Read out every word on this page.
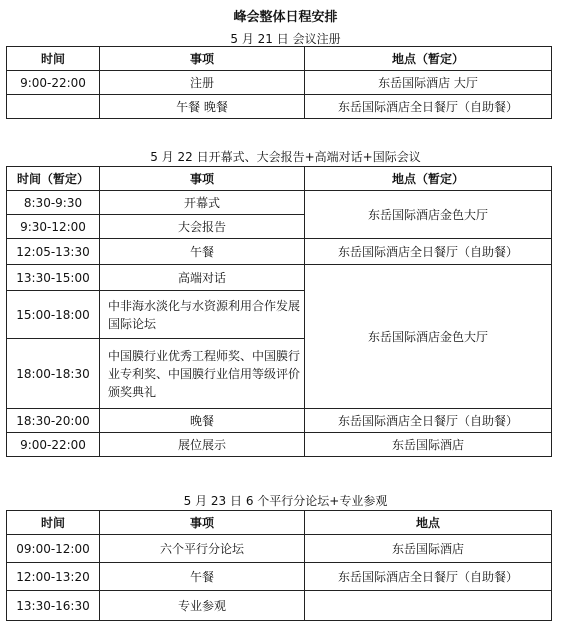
峰会整体日程安排
5 月 21 日 会议注册
时间	事项	地点（暂定）
9:00-22:00	注册	东岳国际酒店 大厅
	午餐 晚餐	东岳国际酒店全日餐厅（自助餐）
5 月 22 日开幕式、大会报告+高端对话+国际会议
时间（暂定）	事项	地点（暂定）
8:30-9:30	开幕式	东岳国际酒店金色大厅
9:30-12:00	大会报告	
12:05-13:30	午餐	东岳国际酒店全日餐厅（自助餐）
13:30-15:00	高端对话	东岳国际酒店金色大厅
15:00-18:00	中非海水淡化与水资源利用合作发展国际论坛	
18:00-18:30	中国膜行业优秀工程师奖、中国膜行业专利奖、中国膜行业信用等级评价 颁奖典礼	
18:30-20:00	晚餐	东岳国际酒店全日餐厅（自助餐）
9:00-22:00	展位展示	东岳国际酒店
5 月 23 日 6 个平行分论坛+专业参观
时间	事项	地点
09:00-12:00	六个平行分论坛	东岳国际酒店
12:00-13:20	午餐	东岳国际酒店全日餐厅（自助餐）
13:30-16:30	专业参观	
